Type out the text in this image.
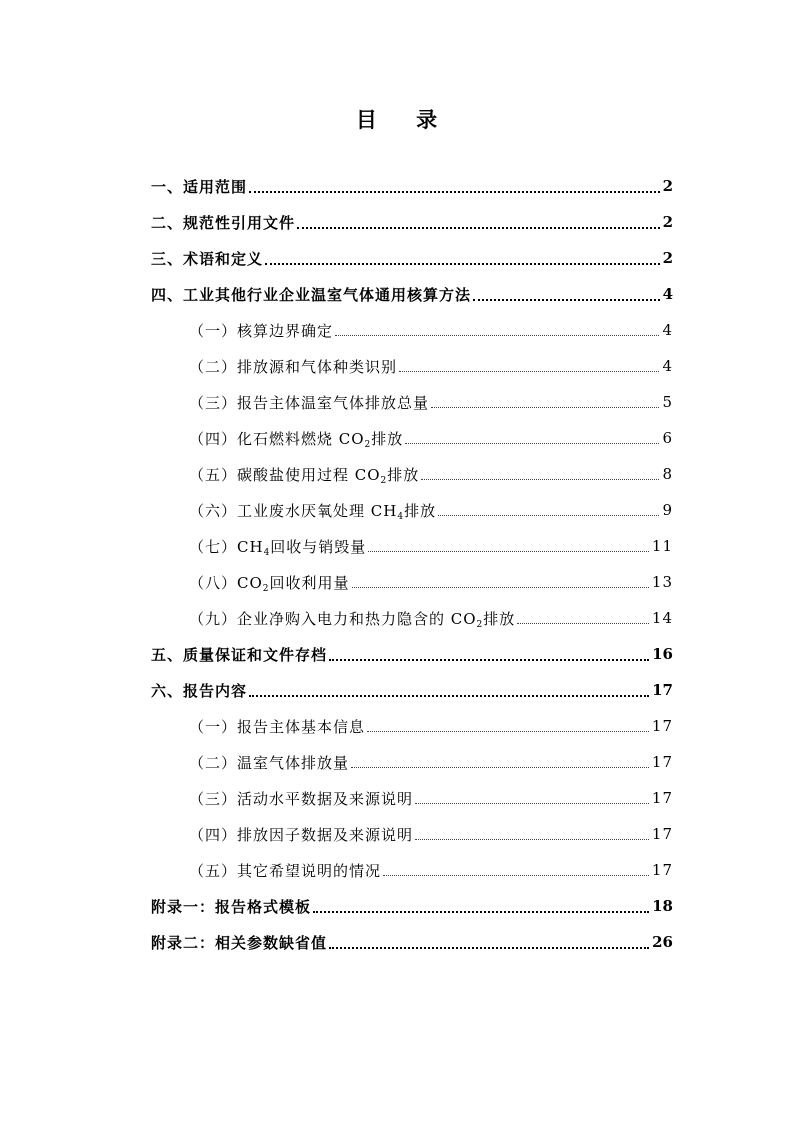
目 录
一、适用范围	2
二、规范性引用文件	2
三、术语和定义	2
四、工业其他行业企业温室气体通用核算方法	4
（一）核算边界确定	4
（二）排放源和气体种类识别	4
（三）报告主体温室气体排放总量	5
（四）化石燃料燃烧 $CO_2$排放	6
（五）碳酸盐使用过程 $CO_2$排放	8
（六）工业废水厌氧处理 $CH_4$排放	9
（七）$CH_4$回收与销毁量	11
（八）$CO_2$回收利用量	13
（九）企业净购入电力和热力隐含的 $CO_2$排放	14
五、质量保证和文件存档	16
六、报告内容	17
（一）报告主体基本信息	17
（二）温室气体排放量	17
（三）活动水平数据及来源说明	17
（四）排放因子数据及来源说明	17
（五）其它希望说明的情况	17
附录一：报告格式模板	18
附录二：相关参数缺省值	26
